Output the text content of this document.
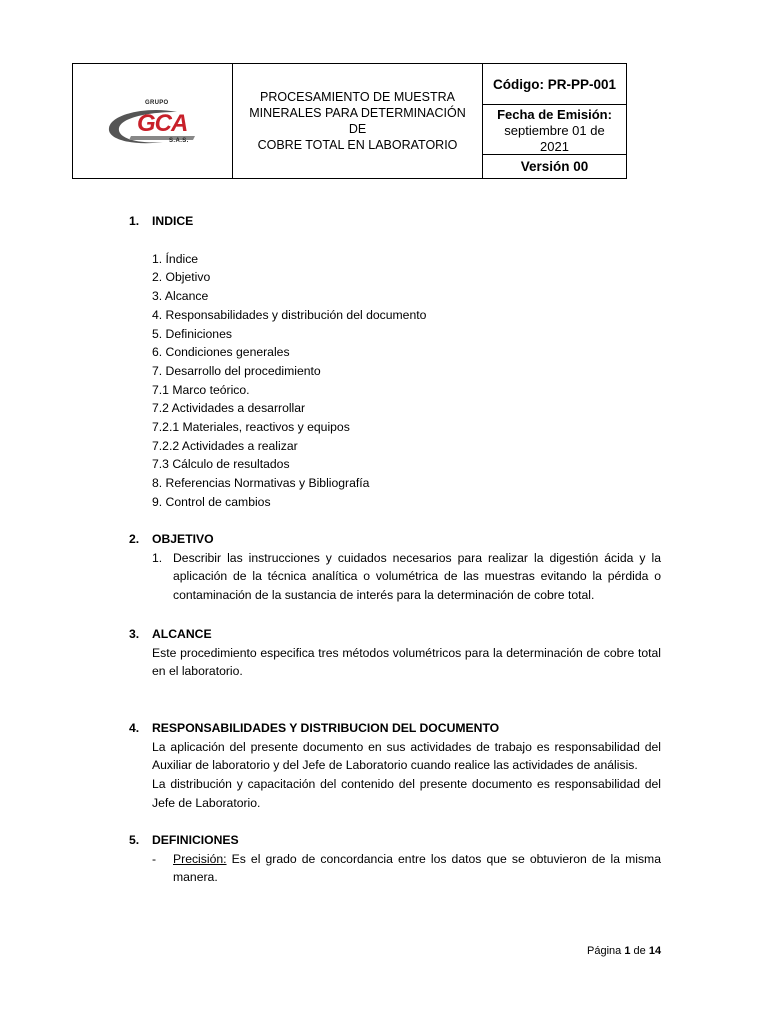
GRUPO
GCA
S.A.S.
PROCESAMIENTO DE MUESTRA
MINERALES PARA DETERMINACIÓN DE
COBRE TOTAL EN LABORATORIO
Código: PR-PP-001
Fecha de Emisión:
septiembre 01 de
2021
Versión 00
1.	INDICE
1. Índice
2. Objetivo
3. Alcance
4. Responsabilidades y distribución del documento
5. Definiciones
6. Condiciones generales
7. Desarrollo del procedimiento
7.1 Marco teórico.
7.2 Actividades a desarrollar
7.2.1 Materiales, reactivos y equipos
7.2.2 Actividades a realizar
7.3 Cálculo de resultados
8. Referencias Normativas y Bibliografía
9. Control de cambios
2.	OBJETIVO
1. Describir las instrucciones y cuidados necesarios para realizar la digestión ácida y la aplicación de la técnica analítica o volumétrica de las muestras evitando la pérdida o contaminación de la sustancia de interés para la determinación de cobre total.
3.	ALCANCE
Este procedimiento especifica tres métodos volumétricos para la determinación de cobre total en el laboratorio.
4.	RESPONSABILIDADES Y DISTRIBUCION DEL DOCUMENTO
La aplicación del presente documento en sus actividades de trabajo es responsabilidad del Auxiliar de laboratorio y del Jefe de Laboratorio cuando realice las actividades de análisis.
La distribución y capacitación del contenido del presente documento es responsabilidad del Jefe de Laboratorio.
5.	DEFINICIONES
-	Precisión: Es el grado de concordancia entre los datos que se obtuvieron de la misma manera.
Página 1 de 14
